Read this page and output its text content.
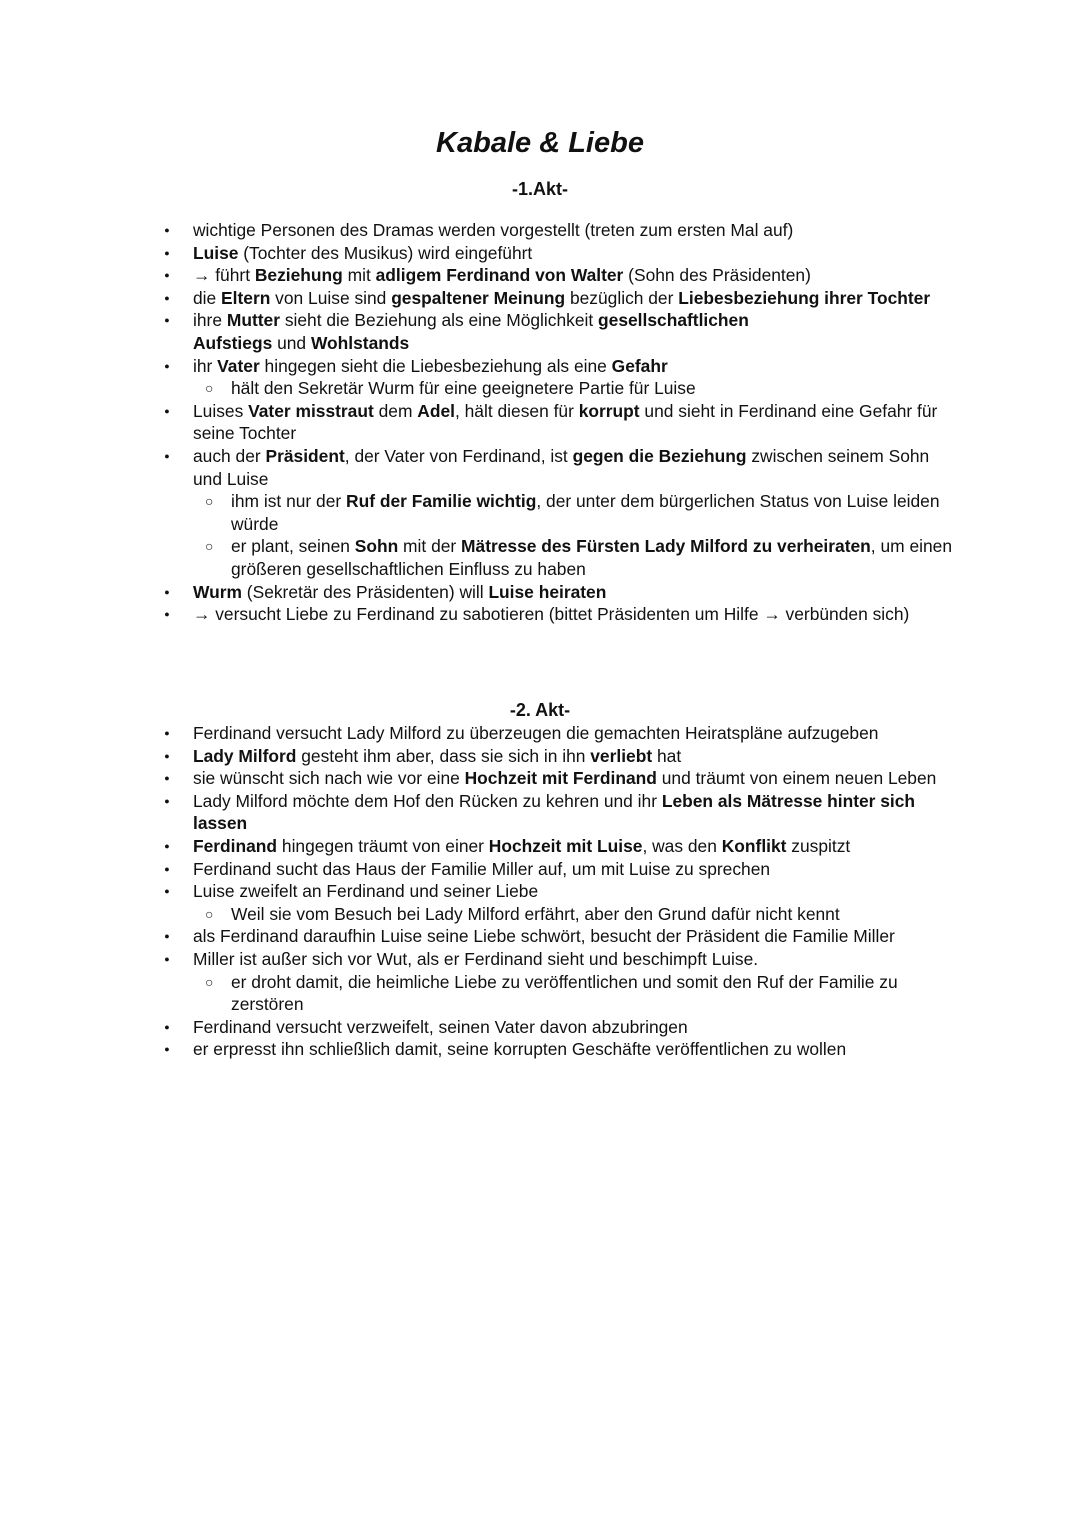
Kabale & Liebe
-1.Akt-
● wichtige Personen des Dramas werden vorgestellt (treten zum ersten Mal auf)
● Luise (Tochter des Musikus) wird eingeführt
● → führt Beziehung mit adligem Ferdinand von Walter (Sohn des Präsidenten)
● die Eltern von Luise sind gespaltener Meinung bezüglich der Liebesbeziehung ihrer Tochter
● ihre Mutter sieht die Beziehung als eine Möglichkeit gesellschaftlichen
Aufstiegs und Wohlstands
● ihr Vater hingegen sieht die Liebesbeziehung als eine Gefahr
○ hält den Sekretär Wurm für eine geeignetere Partie für Luise
● Luises Vater misstraut dem Adel, hält diesen für korrupt und sieht in Ferdinand eine Gefahr für seine Tochter
● auch der Präsident, der Vater von Ferdinand, ist gegen die Beziehung zwischen seinem Sohn und Luise
○ ihm ist nur der Ruf der Familie wichtig, der unter dem bürgerlichen Status von Luise leiden würde
○ er plant, seinen Sohn mit der Mätresse des Fürsten Lady Milford zu verheiraten, um einen größeren gesellschaftlichen Einfluss zu haben
● Wurm (Sekretär des Präsidenten) will Luise heiraten
● → versucht Liebe zu Ferdinand zu sabotieren (bittet Präsidenten um Hilfe → verbünden sich)
-2. Akt-
● Ferdinand versucht Lady Milford zu überzeugen die gemachten Heiratspläne aufzugeben
● Lady Milford gesteht ihm aber, dass sie sich in ihn verliebt hat
● sie wünscht sich nach wie vor eine Hochzeit mit Ferdinand und träumt von einem neuen Leben
● Lady Milford möchte dem Hof den Rücken zu kehren und ihr Leben als Mätresse hinter sich lassen
● Ferdinand hingegen träumt von einer Hochzeit mit Luise, was den Konflikt zuspitzt
● Ferdinand sucht das Haus der Familie Miller auf, um mit Luise zu sprechen
● Luise zweifelt an Ferdinand und seiner Liebe
○ Weil sie vom Besuch bei Lady Milford erfährt, aber den Grund dafür nicht kennt
● als Ferdinand daraufhin Luise seine Liebe schwört, besucht der Präsident die Familie Miller
● Miller ist außer sich vor Wut, als er Ferdinand sieht und beschimpft Luise.
○ er droht damit, die heimliche Liebe zu veröffentlichen und somit den Ruf der Familie zu zerstören
● Ferdinand versucht verzweifelt, seinen Vater davon abzubringen
● er erpresst ihn schließlich damit, seine korrupten Geschäfte veröffentlichen zu wollen
